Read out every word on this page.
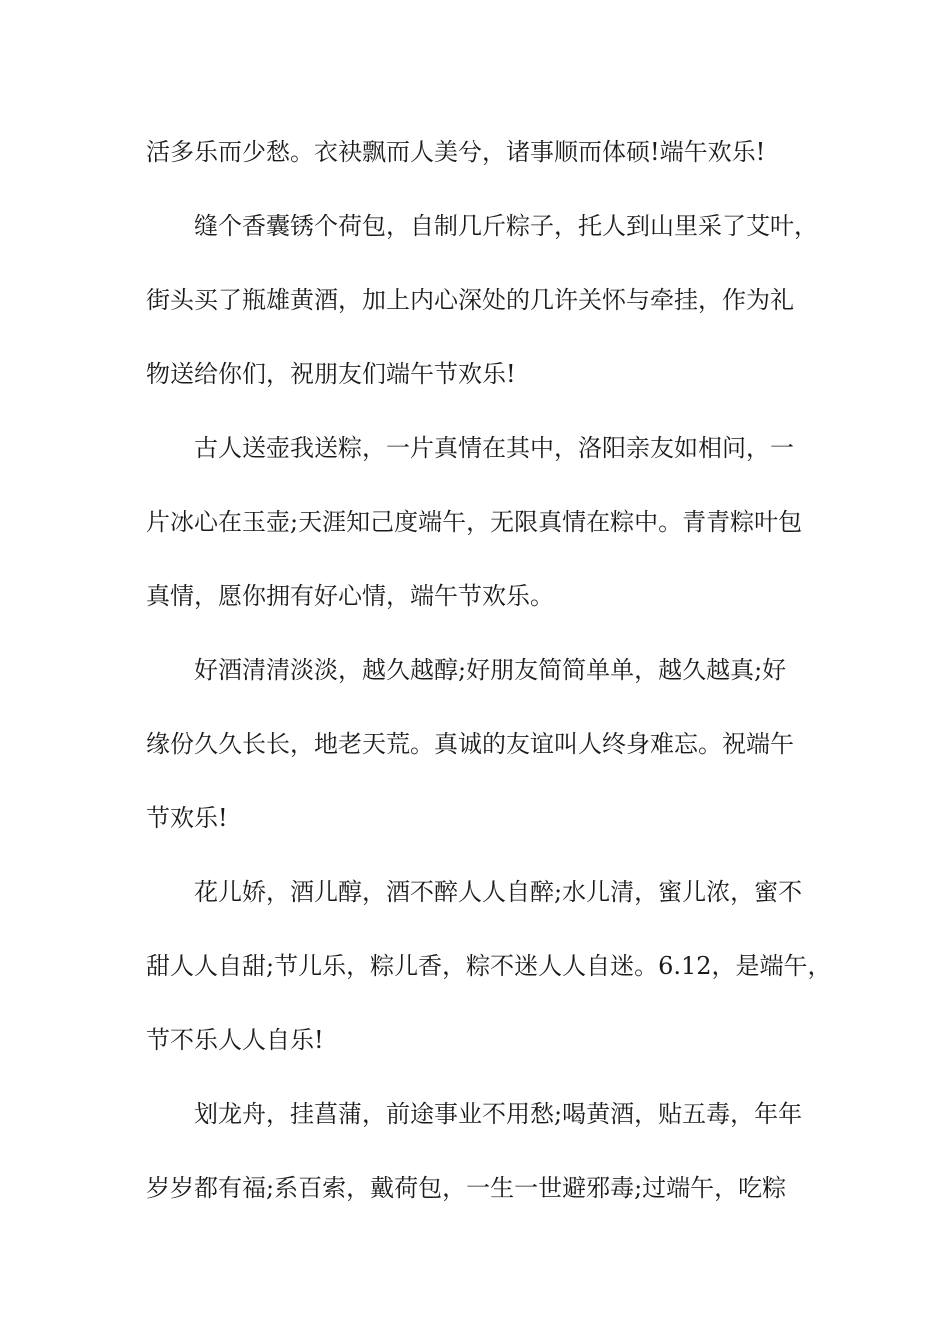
活多乐而少愁。衣袂飘而人美兮，诸事顺而体硕!端午欢乐!

缝个香囊锈个荷包，自制几斤粽子，托人到山里采了艾叶，

街头买了瓶雄黄酒，加上内心深处的几许关怀与牵挂，作为礼

物送给你们，祝朋友们端午节欢乐!

古人送壶我送粽，一片真情在其中，洛阳亲友如相问，一

片冰心在玉壶;天涯知己度端午，无限真情在粽中。青青粽叶包

真情，愿你拥有好心情，端午节欢乐。

好酒清清淡淡，越久越醇;好朋友简简单单，越久越真;好

缘份久久长长，地老天荒。真诚的友谊叫人终身难忘。祝端午

节欢乐!

花儿娇，酒儿醇，酒不醉人人自醉;水儿清，蜜儿浓，蜜不

甜人人自甜;节儿乐，粽儿香，粽不迷人人自迷。6.12，是端午，

节不乐人人自乐!

划龙舟，挂菖蒲，前途事业不用愁;喝黄酒，贴五毒，年年

岁岁都有福;系百索，戴荷包，一生一世避邪毒;过端午，吃粽
